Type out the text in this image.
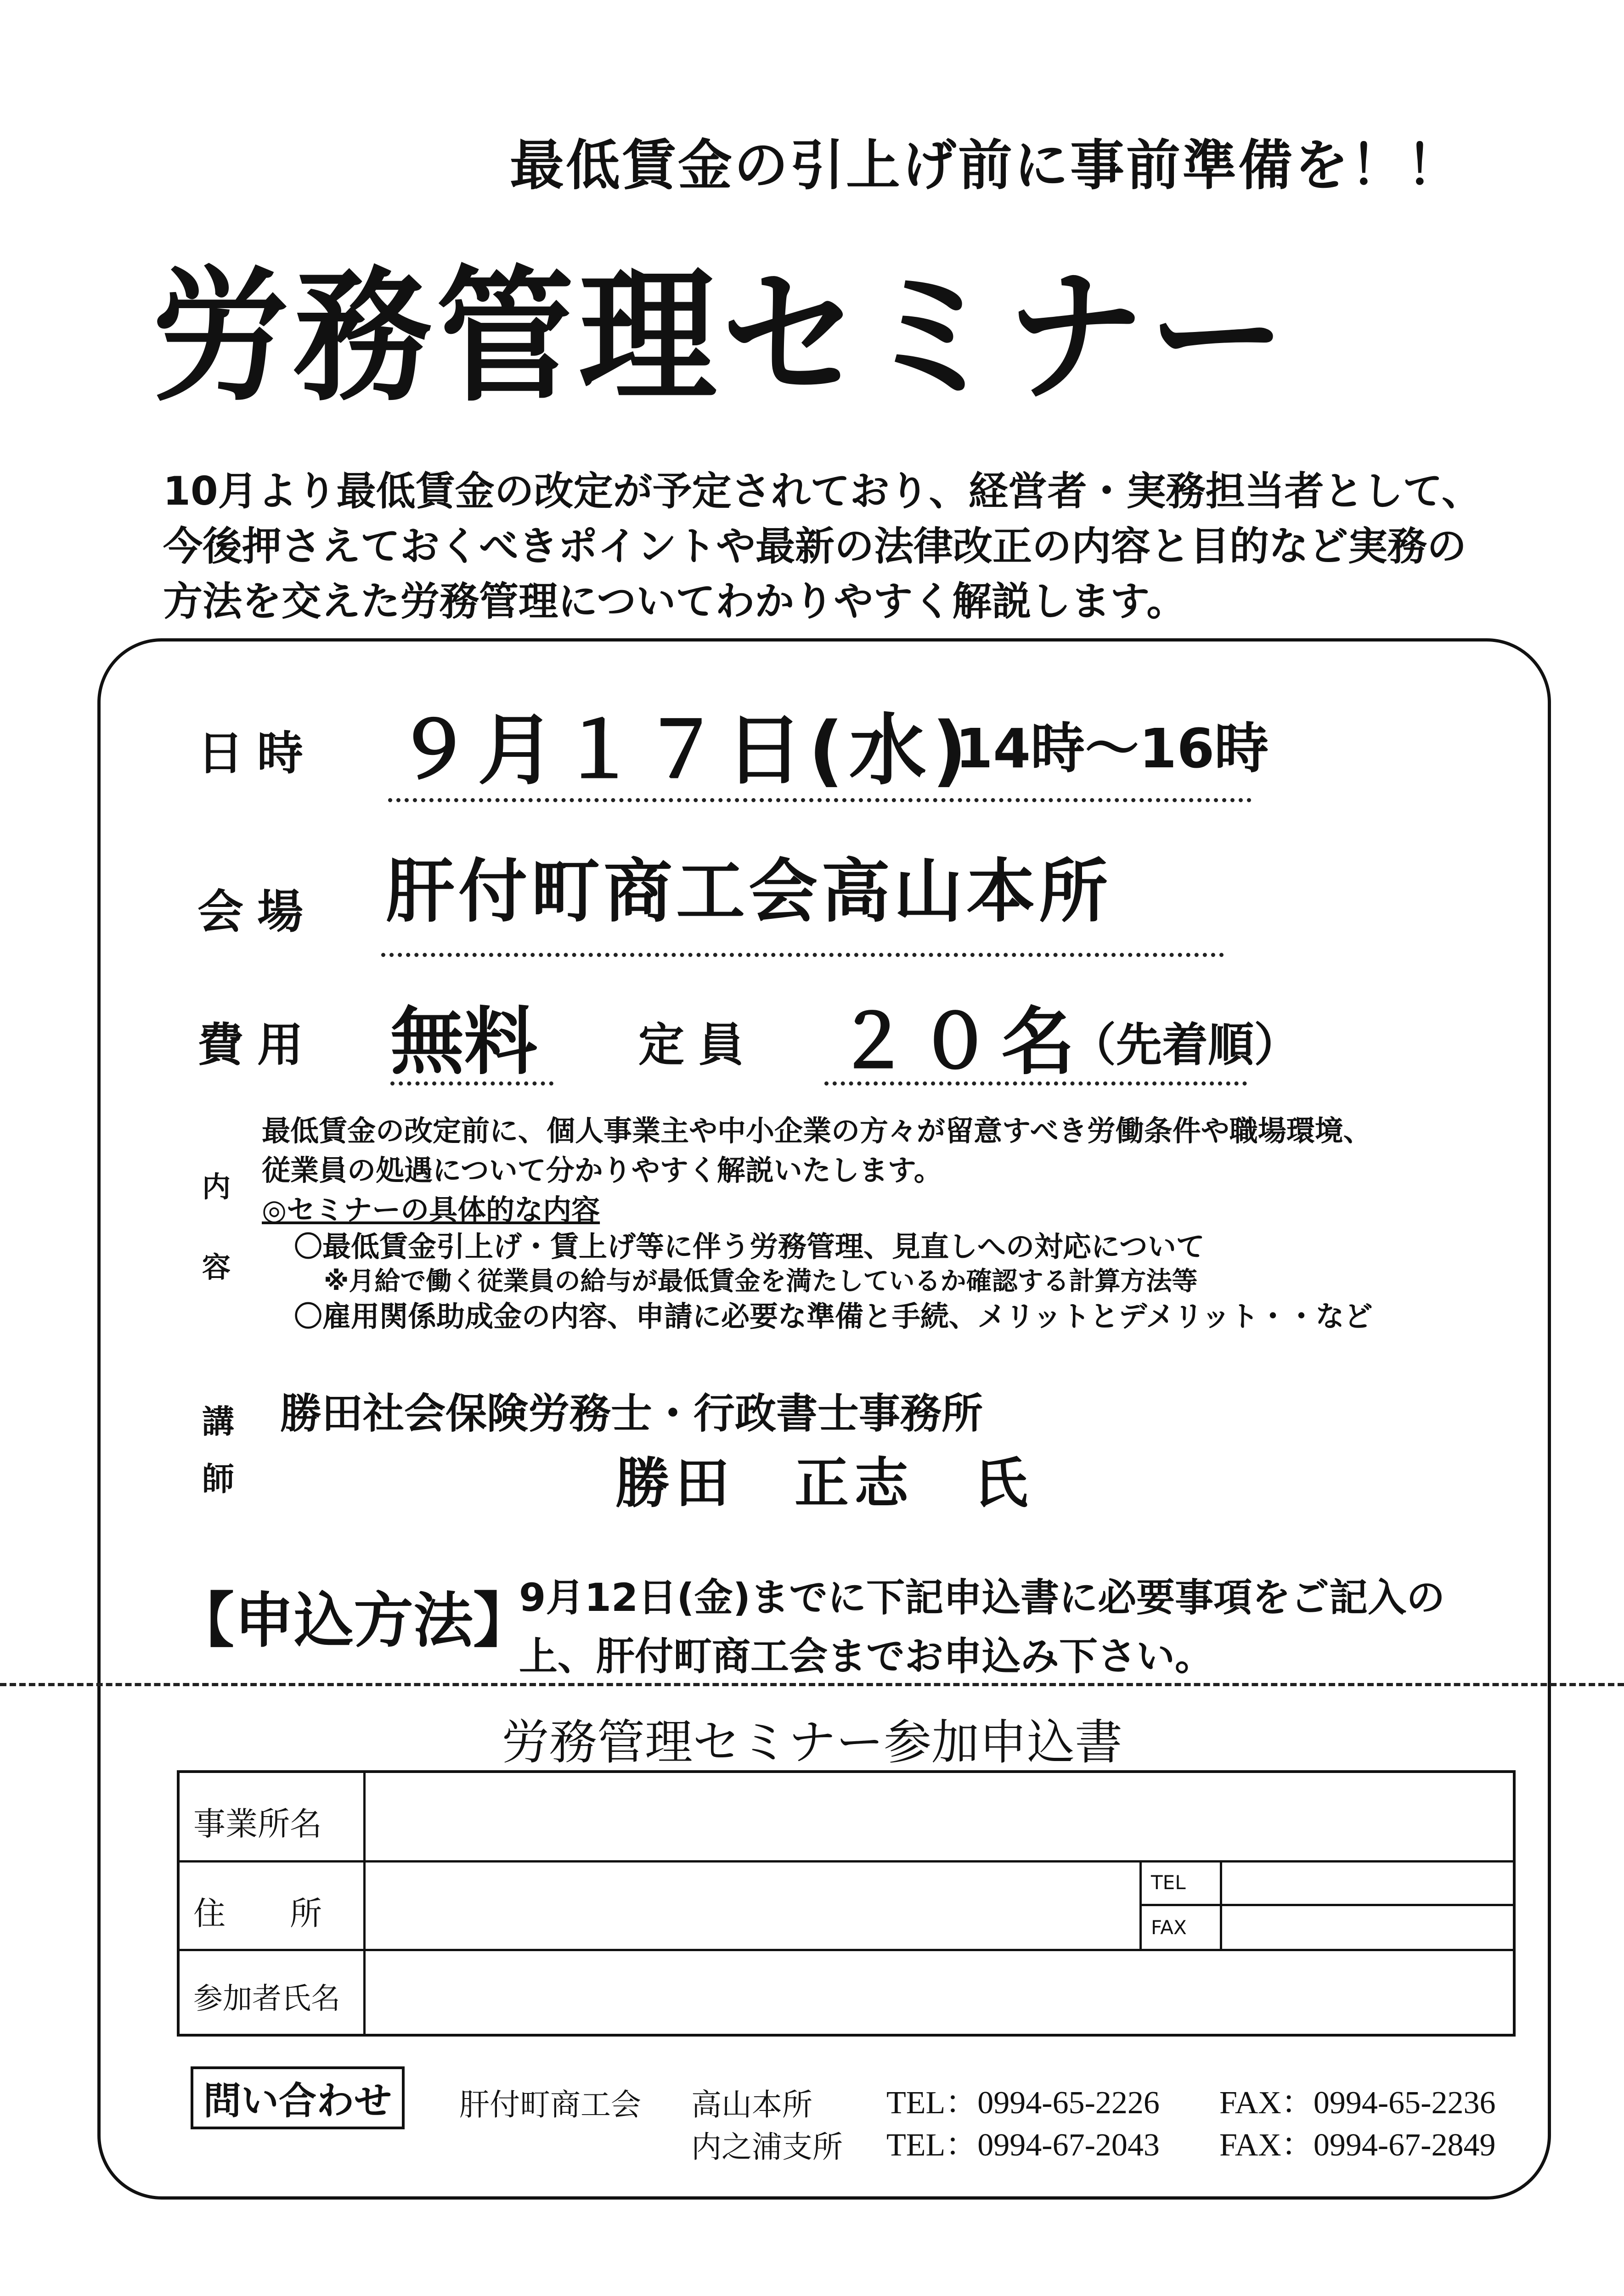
最低賃金の引上げ前に事前準備を！！
労務管理セミナー
10月より最低賃金の改定が予定されており、経営者・実務担当者として、
今後押さえておくべきポイントや最新の法律改正の内容と目的など実務の
方法を交えた労務管理についてわかりやすく解説します。
日 時 ９月１７日(水)
14時～16時
会 場 肝付町商工会高山本所
費 用 無料 定 員 ２０名
（先着順）
内
容
最低賃金の改定前に、個人事業主や中小企業の方々が留意すべき労働条件や職場環境、
従業員の処遇について分かりやすく解説いたします。
◎セミナーの具体的な内容
〇最低賃金引上げ・賃上げ等に伴う労務管理、見直しへの対応について
※月給で働く従業員の給与が最低賃金を満たしているか確認する計算方法等
〇雇用関係助成金の内容、申請に必要な準備と手続、メリットとデメリット・・など
講
師
勝田社会保険労務士・行政書士事務所
勝田　正志　氏
【申込方法】
9月12日(金)までに下記申込書に必要事項をご記入の
上、肝付町商工会までお申込み下さい。
労務管理セミナー参加申込書
事業所名
住　　所
TEL
FAX
参加者氏名
問い合わせ	肝付町商工会 高山本所 TEL：0994-65-2226 FAX：0994-65-2236
内之浦支所 TEL：0994-67-2043 FAX：0994-67-2849
